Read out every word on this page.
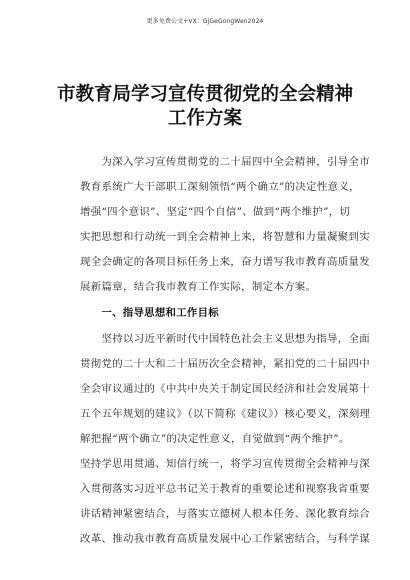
更多免费公文+VX：GjGeGongWen2024
市教育局学习宣传贯彻党的全会精神
工作方案
　　为深入学习宣传贯彻党的二十届四中全会精神，引导全市
教育系统广大干部职工深刻领悟“两个确立”的决定性意义，
增强“四个意识”、坚定“四个自信”、做到“两个维护”，切
实把思想和行动统一到全会精神上来，将智慧和力量凝聚到实
现全会确定的各项目标任务上来，奋力谱写我市教育高质量发
展新篇章，结合我市教育工作实际，制定本方案。
　　一、指导思想和工作目标
　　坚持以习近平新时代中国特色社会主义思想为指导，全面
贯彻党的二十大和二十届历次全会精神，紧扣党的二十届四中
全会审议通过的《中共中央关于制定国民经济和社会发展第十
五个五年规划的建议》（以下简称《建议》）核心要义，深刻理
解把握“两个确立”的决定性意义，自觉做到“两个维护”。
坚持学思用贯通、知信行统一，将学习宣传贯彻全会精神与深
入贯彻落实习近平总书记关于教育的重要论述和视察我省重要
讲话精神紧密结合，与落实立德树人根本任务、深化教育综合
改革、推动我市教育高质量发展中心工作紧密结合，与科学谋
